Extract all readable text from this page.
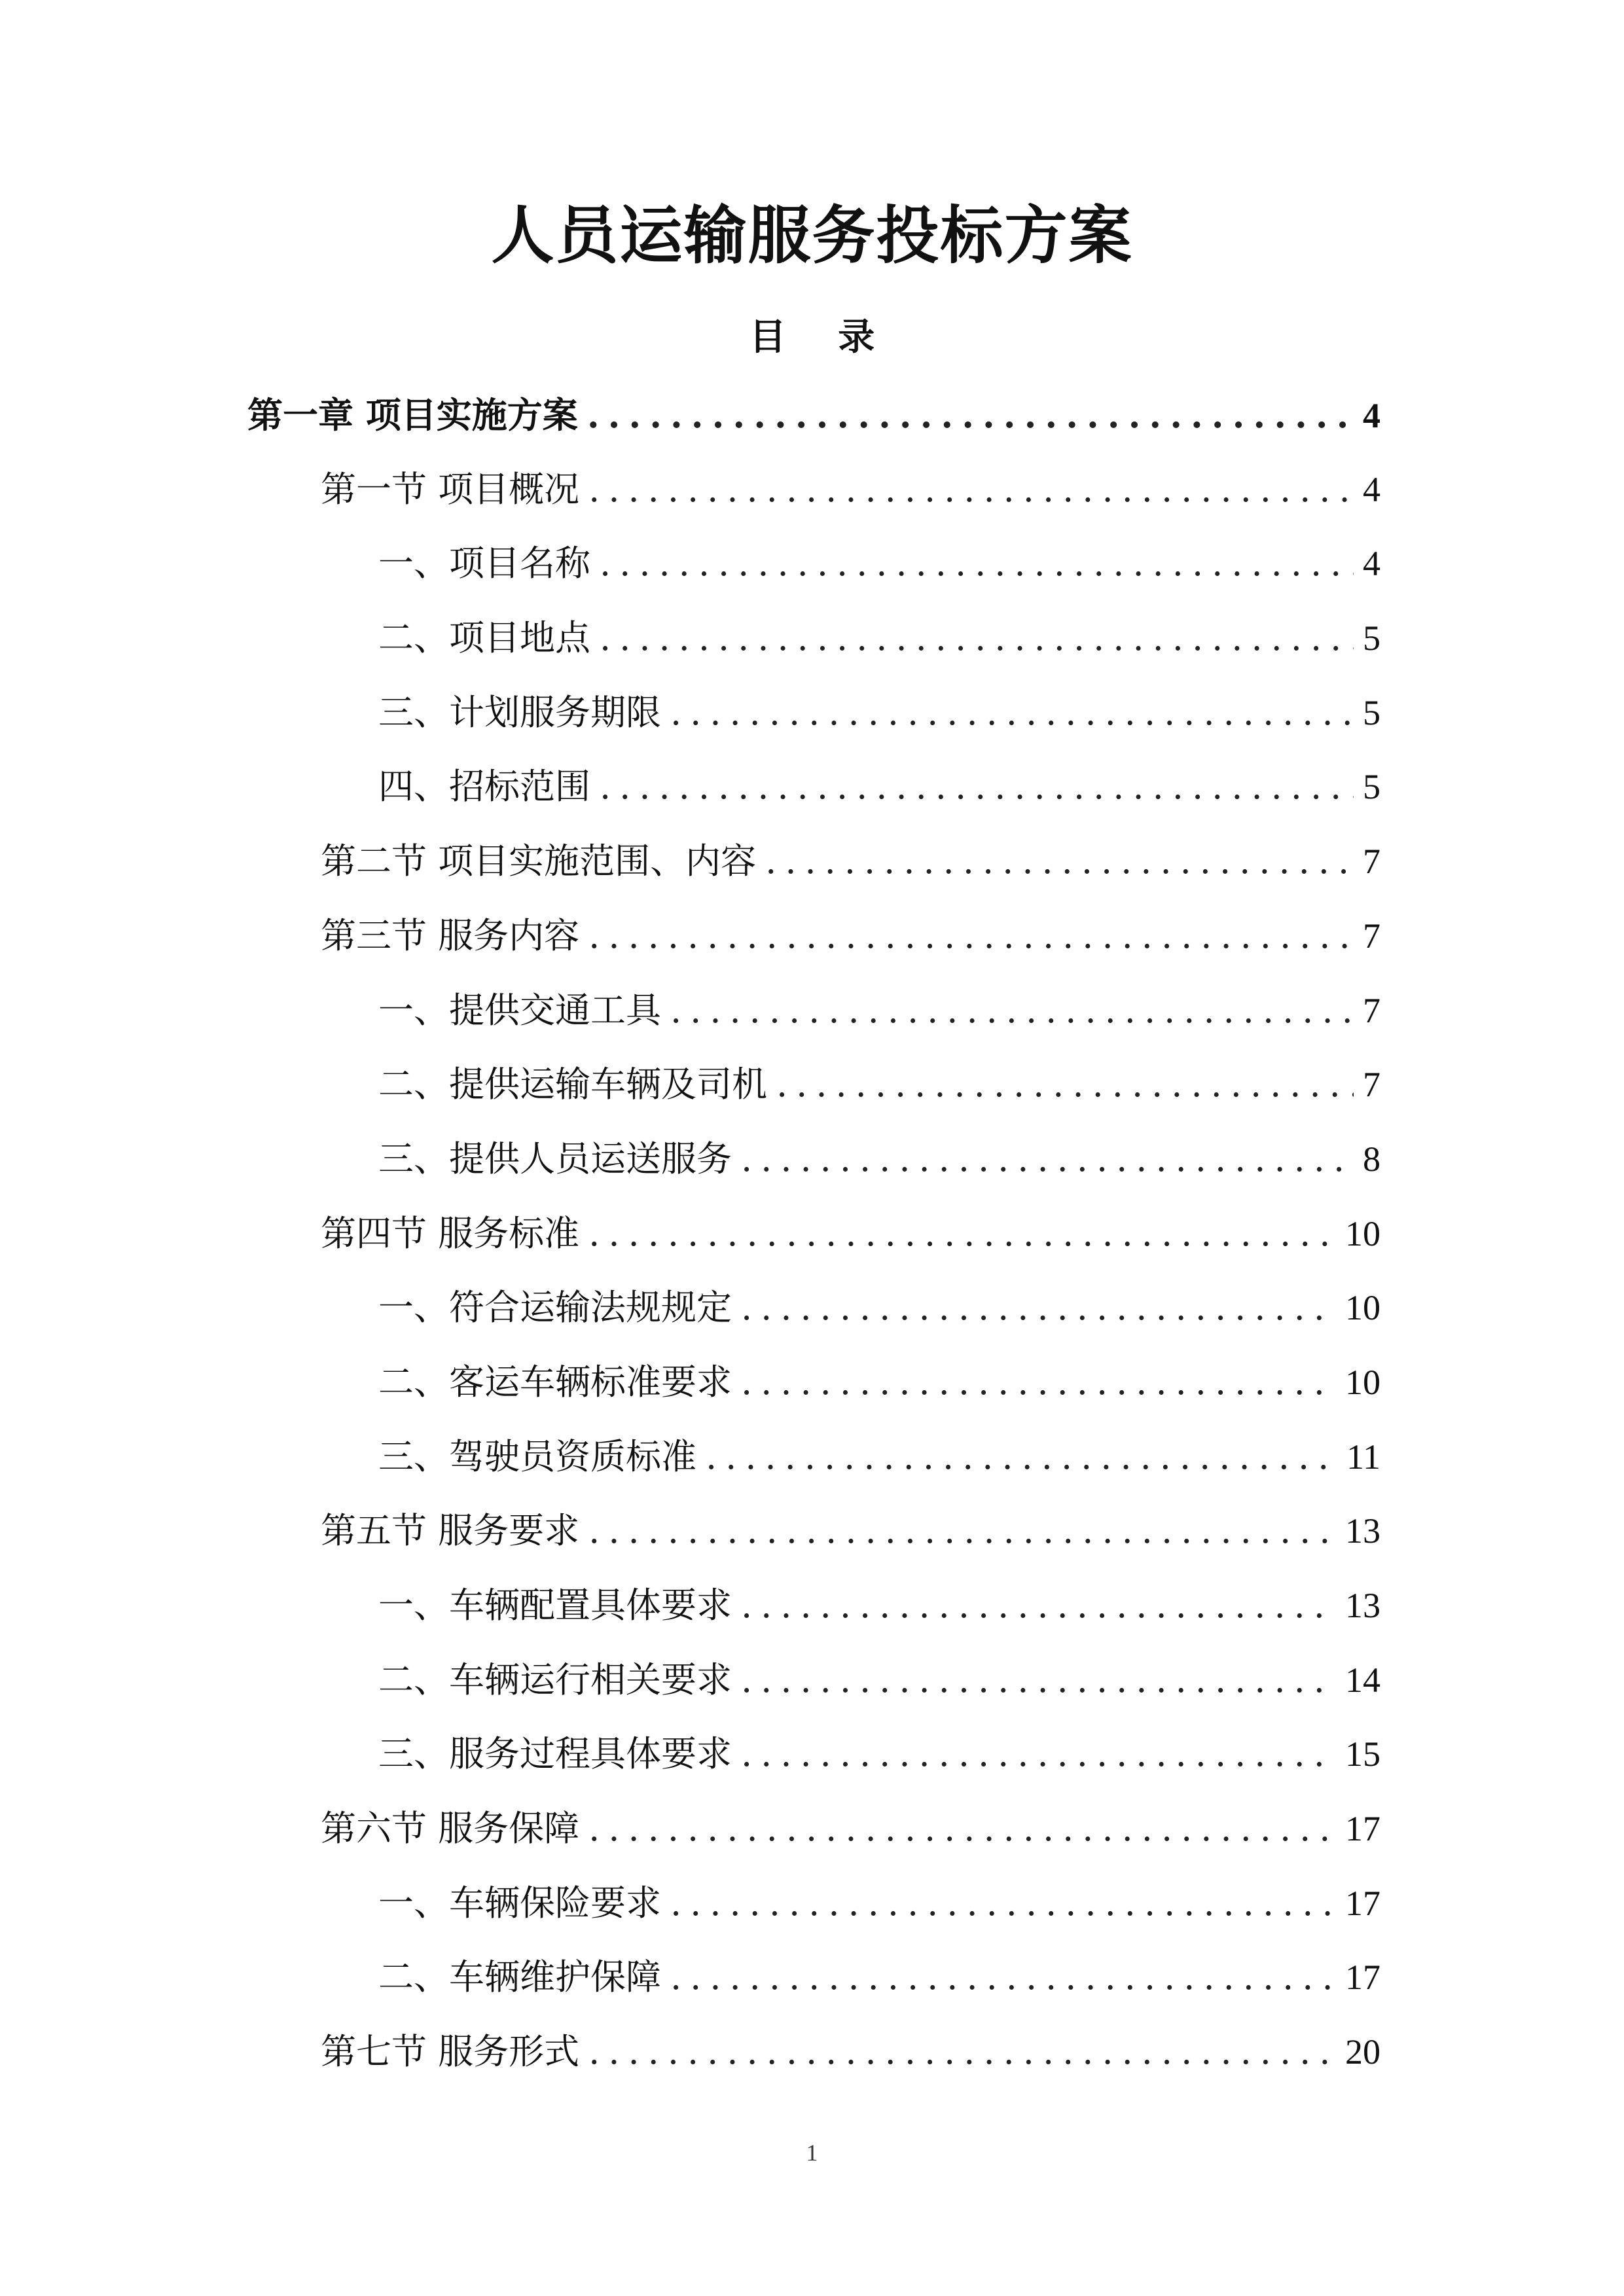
人员运输服务投标方案
目 录
第一章 项目实施方案 .....	4
第一节 项目概况 .....	4
一、项目名称 .....	4
二、项目地点 .....	5
三、计划服务期限 .....	5
四、招标范围 .....	5
第二节 项目实施范围、内容 .....	7
第三节 服务内容 .....	7
一、提供交通工具 .....	7
二、提供运输车辆及司机 .....	7
三、提供人员运送服务 .....	8
第四节 服务标准 .....	10
一、符合运输法规规定 .....	10
二、客运车辆标准要求 .....	10
三、驾驶员资质标准 .....	11
第五节 服务要求 .....	13
一、车辆配置具体要求 .....	13
二、车辆运行相关要求 .....	14
三、服务过程具体要求 .....	15
第六节 服务保障 .....	17
一、车辆保险要求 .....	17
二、车辆维护保障 .....	17
第七节 服务形式 .....	20
1
